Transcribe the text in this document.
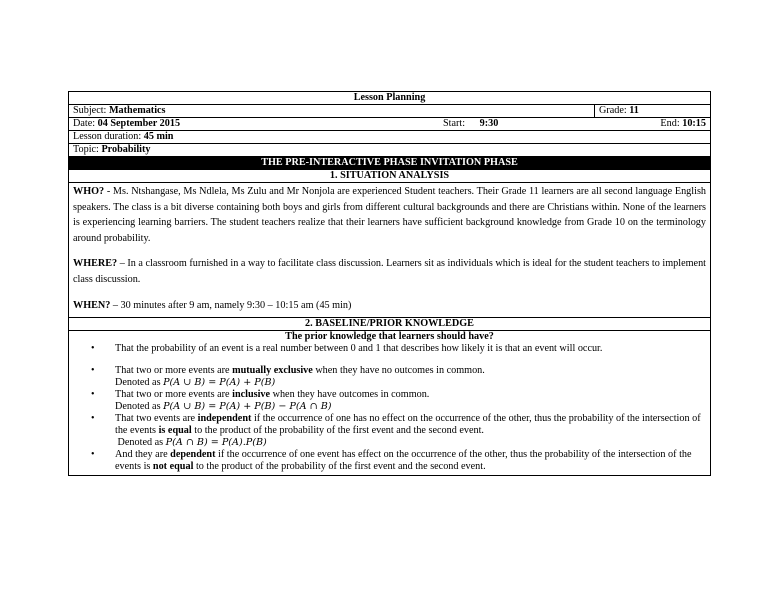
Lesson Planning
Subject: Mathematics	Grade: 11

Date: 04 September 2015	Start: 9:30	End: 10:15

Lesson duration: 45 min
Topic: Probability
THE PRE-INTERACTIVE PHASE INVITATION PHASE
1. SITUATION ANALYSIS

WHO? - Ms. Ntshangase, Ms Ndlela, Ms Zulu and Mr Nonjola are experienced Student teachers. Their Grade 11 learners are all second language English speakers. The class is a bit diverse containing both boys and girls from different cultural backgrounds and there are Christians within. None of the learners is experiencing learning barriers. The student teachers realize that their learners have sufficient background knowledge from Grade 10 on the terminology around probability.

WHERE? – In a classroom furnished in a way to facilitate class discussion. Learners sit as individuals which is ideal for the student teachers to implement class discussion.

WHEN? – 30 minutes after 9 am, namely 9:30 – 10:15 am (45 min)

2. BASELINE/PRIOR KNOWLEDGE

The prior knowledge that learners should have?

• That the probability of an event is a real number between 0 and 1 that describes how likely it is that an event will occur.
• That two or more events are mutually exclusive when they have no outcomes in common.
Denoted as P(A ∪ B) = P(A) + P(B)
• That two or more events are inclusive when they have outcomes in common.
Denoted as P(A ∪ B) = P(A) + P(B) − P(A ∩ B)
• That two events are independent if the occurrence of one has no effect on the occurrence of the other, thus the probability of the intersection of the events is equal to the product of the probability of the first event and the second event.
Denoted as P(A ∩ B) = P(A).P(B)
• And they are dependent if the occurrence of one event has effect on the occurrence of the other, thus the probability of the intersection of the events is not equal to the product of the probability of the first event and the second event.
